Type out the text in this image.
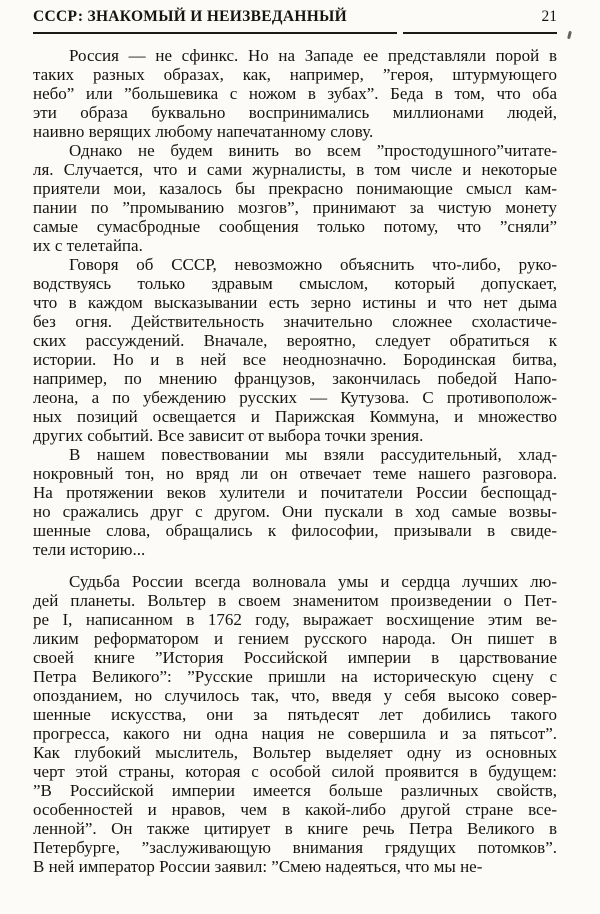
СССР: ЗНАКОМЫЙ И НЕИЗВЕДАННЫЙ	21
Россия — не сфинкс. Но на Западе ее представляли порой в
таких разных образах, как, например, ”героя, штурмующего
небо” или ”большевика с ножом в зубах”. Беда в том, что оба
эти образа буквально воспринимались миллионами людей,
наивно верящих любому напечатанному слову.
Однако не будем винить во всем ”простодушного”читате-
ля. Случается, что и сами журналисты, в том числе и некоторые
приятели мои, казалось бы прекрасно понимающие смысл кам-
пании по ”промыванию мозгов”, принимают за чистую монету
самые сумасбродные сообщения только потому, что ”сняли”
их с телетайпа.
Говоря об СССР, невозможно объяснить что-либо, руко-
водствуясь только здравым смыслом, который допускает,
что в каждом высказывании есть зерно истины и что нет дыма
без огня. Действительность значительно сложнее схоластиче-
ских рассуждений. Вначале, вероятно, следует обратиться к
истории. Но и в ней все неоднозначно. Бородинская битва,
например, по мнению французов, закончилась победой Напо-
леона, а по убеждению русских — Кутузова. С противополож-
ных позиций освещается и Парижская Коммуна, и множество
других событий. Все зависит от выбора точки зрения.
В нашем повествовании мы взяли рассудительный, хлад-
нокровный тон, но вряд ли он отвечает теме нашего разговора.
На протяжении веков хулители и почитатели России беспощад-
но сражались друг с другом. Они пускали в ход самые возвы-
шенные слова, обращались к философии, призывали в свиде-
тели историю...
Судьба России всегда волновала умы и сердца лучших лю-
дей планеты. Вольтер в своем знаменитом произведении о Пет-
ре I, написанном в 1762 году, выражает восхищение этим ве-
ликим реформатором и гением русского народа. Он пишет в
своей книге ”История Российской империи в царствование
Петра Великого”: ”Русские пришли на историческую сцену с
опозданием, но случилось так, что, введя у себя высоко совер-
шенные искусства, они за пятьдесят лет добились такого
прогресса, какого ни одна нация не совершила и за пятьсот”.
Как глубокий мыслитель, Вольтер выделяет одну из основных
черт этой страны, которая с особой силой проявится в будущем:
”В Российской империи имеется больше различных свойств,
особенностей и нравов, чем в какой-либо другой стране все-
ленной”. Он также цитирует в книге речь Петра Великого в
Петербурге, ”заслуживающую внимания грядущих потомков”.
В ней император России заявил: ”Смею надеяться, что мы не-
